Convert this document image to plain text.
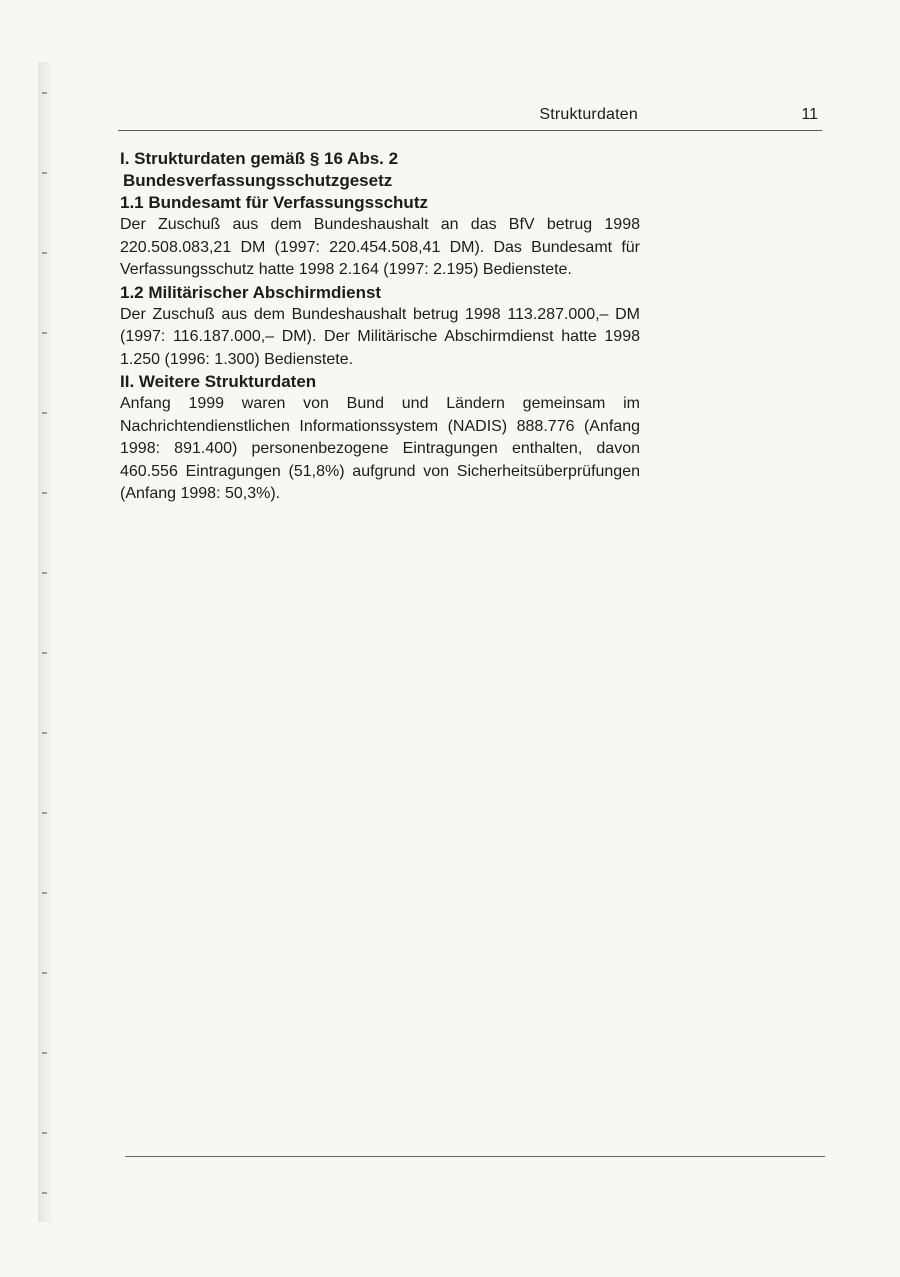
Strukturdaten	11
I. Strukturdaten gemäß § 16 Abs. 2
Bundesverfassungsschutzgesetz
1.1 Bundesamt für Verfassungsschutz

Der Zuschuß aus dem Bundeshaushalt an das BfV betrug 1998 220.508.083,21 DM (1997: 220.454.508,41 DM). Das Bundesamt für Verfassungsschutz hatte 1998 2.164 (1997: 2.195) Bedienstete.

1.2 Militärischer Abschirmdienst

Der Zuschuß aus dem Bundeshaushalt betrug 1998 113.287.000,– DM (1997: 116.187.000,– DM). Der Militärische Abschirmdienst hatte 1998 1.250 (1996: 1.300) Bedienstete.

II. Weitere Strukturdaten

Anfang 1999 waren von Bund und Ländern gemeinsam im Nachrichtendienstlichen Informationssystem (NADIS) 888.776 (Anfang 1998: 891.400) personenbezogene Eintragungen enthalten, davon 460.556 Eintragungen (51,8%) aufgrund von Sicherheitsüberprüfungen (Anfang 1998: 50,3%).
